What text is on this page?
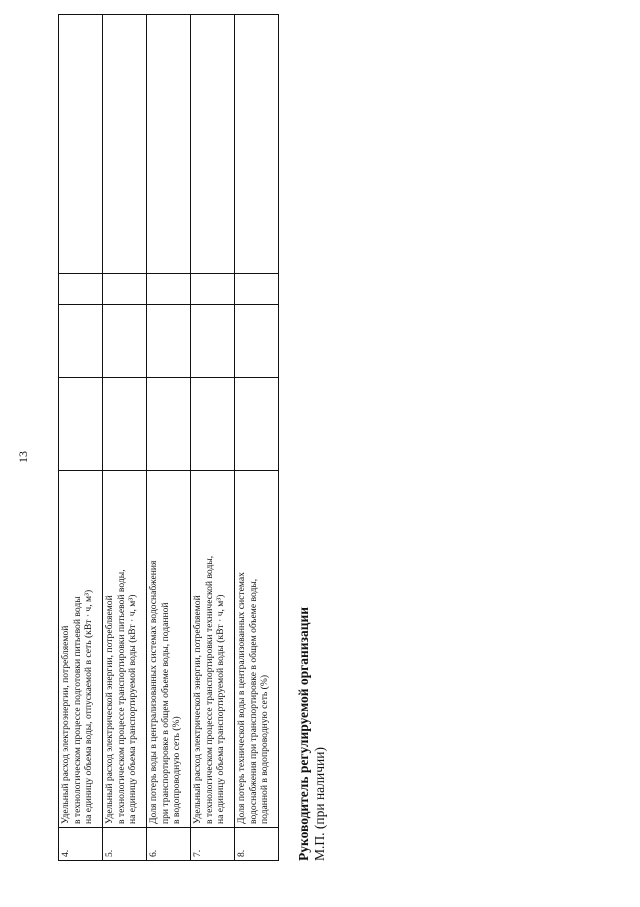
13
4.	Удельный расход электроэнергии, потребляемой в технологическом процессе подготовки питьевой воды на единицу объема воды, отпускаемой в сеть (кВт · ч, м³)				

5.	Удельный расход электрической энергии, потребляемой в технологическом процессе транспортировки питьевой воды, на единицу объема транспортируемой воды (кВт · ч, м³)				

6.	Доля потерь воды в централизованных системах водоснабжения при транспортировке в общем объеме воды, поданной в водопроводную сеть (%)				

7.	Удельный расход электрической энергии, потребляемой в технологическом процессе транспортировки технической воды, на единицу объема транспортируемой воды (кВт · ч, м³)				

8.	Доля потерь технической воды в централизованных системах водоснабжения при транспортировке в общем объеме воды, поданной в водопроводную сеть (%)				
				Руководитель регулируемой организации М.П. (при наличии)
